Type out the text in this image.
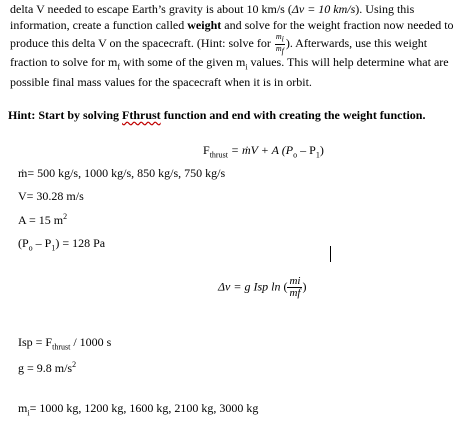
delta V needed to escape Earth’s gravity is about 10 km/s (Δv = 10 km/s). Using this information, create a function called weight and solve for the weight fraction now needed to produce this delta V on the spacecraft. (Hint: solve for $\frac{m_i}{m_f}$ ). Afterwards, use this weight fraction to solve for $m_f$ with some of the given $m_i$ values. This will help determine what are possible final mass values for the spacecraft when it is in orbit.
Hint: Start by solving Fthrust function and end with creating the weight function.
$F_{thrust}$ = ṁV + A $(P_o - P_1)$
ṁ= 500 kg/s, 1000 kg/s, 850 kg/s, 750 kg/s
V= 30.28 m/s
A = 15 $m^2$
$(P_o - P_1) = 128$ Pa
Δv = g Isp ln ( $\frac{mi}{mf}$ )
Isp = $F_{thrust} / 1000$ s
g = 9.8 $m/s^2$
$m_i= 1000$ kg, 1200 kg, 1600 kg, 2100 kg, 3000 kg
